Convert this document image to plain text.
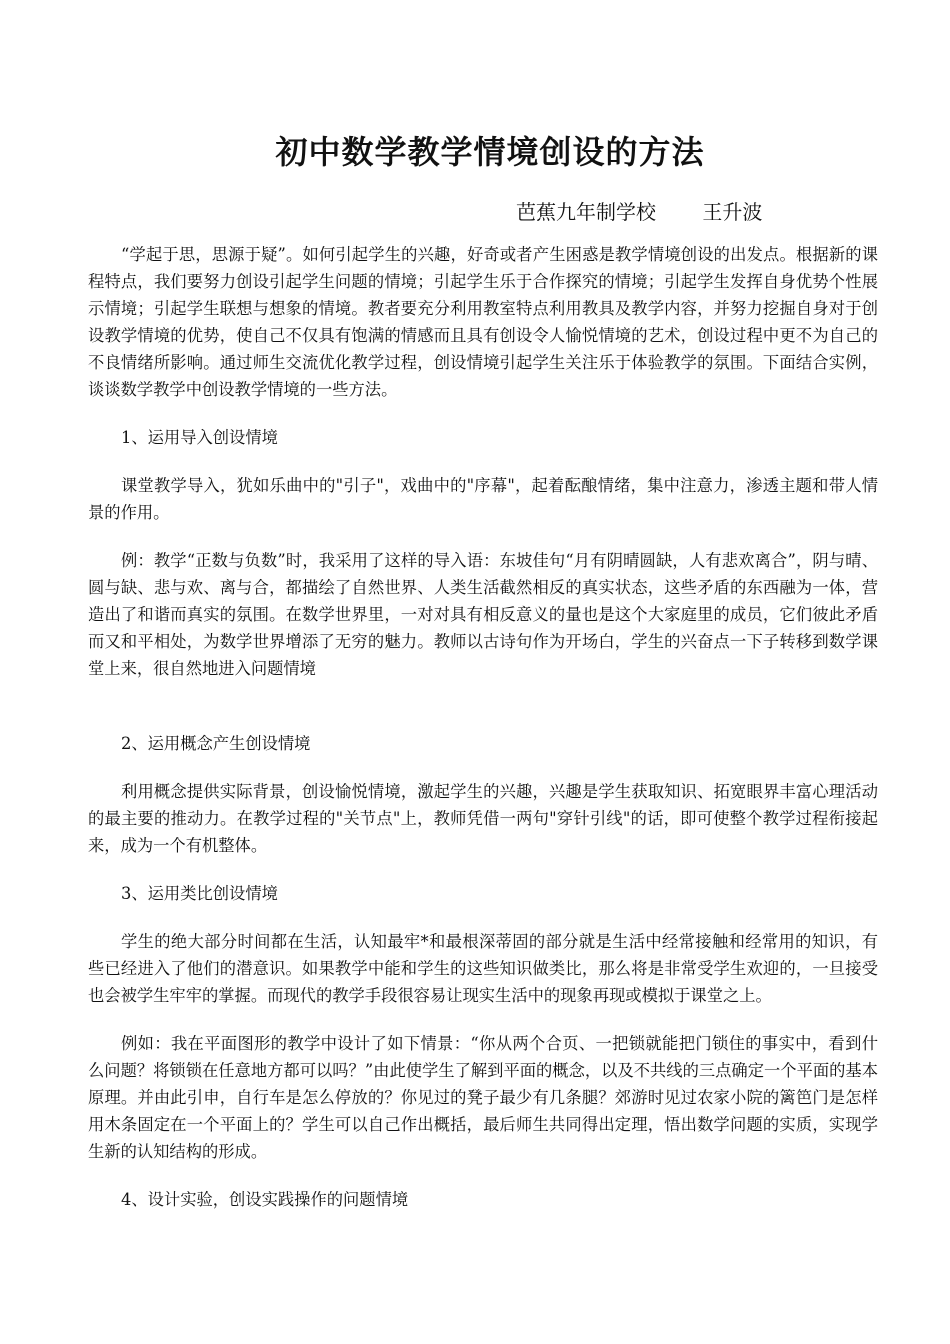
初中数学教学情境创设的方法
芭蕉九年制学校 王升波

“学起于思，思源于疑”。如何引起学生的兴趣，好奇或者产生困惑是教学情境创设的出发点。根据新的课程特点，我们要努力创设引起学生问题的情境；引起学生乐于合作探究的情境；引起学生发挥自身优势个性展示情境；引起学生联想与想象的情境。教者要充分利用教室特点利用教具及教学内容，并努力挖掘自身对于创设教学情境的优势，使自己不仅具有饱满的情感而且具有创设令人愉悦情境的艺术，创设过程中更不为自己的不良情绪所影响。通过师生交流优化教学过程，创设情境引起学生关注乐于体验教学的氛围。下面结合实例，谈谈数学教学中创设教学情境的一些方法。

1、运用导入创设情境

课堂教学导入，犹如乐曲中的"引子"，戏曲中的"序幕"，起着酝酿情绪，集中注意力，渗透主题和带人情景的作用。

例：教学“正数与负数”时，我采用了这样的导入语：东坡佳句“月有阴晴圆缺，人有悲欢离合”，阴与晴、圆与缺、悲与欢、离与合，都描绘了自然世界、人类生活截然相反的真实状态，这些矛盾的东西融为一体，营造出了和谐而真实的氛围。在数学世界里，一对对具有相反意义的量也是这个大家庭里的成员，它们彼此矛盾而又和平相处，为数学世界增添了无穷的魅力。教师以古诗句作为开场白，学生的兴奋点一下子转移到数学课堂上来，很自然地进入问题情境

2、运用概念产生创设情境

利用概念提供实际背景，创设愉悦情境，激起学生的兴趣，兴趣是学生获取知识、拓宽眼界丰富心理活动的最主要的推动力。在教学过程的"关节点"上，教师凭借一两句"穿针引线"的话，即可使整个教学过程衔接起来，成为一个有机整体。

3、运用类比创设情境

学生的绝大部分时间都在生活，认知最牢*和最根深蒂固的部分就是生活中经常接触和经常用的知识，有些已经进入了他们的潜意识。如果教学中能和学生的这些知识做类比，那么将是非常受学生欢迎的，一旦接受也会被学生牢牢的掌握。而现代的教学手段很容易让现实生活中的现象再现或模拟于课堂之上。

例如：我在平面图形的教学中设计了如下情景：“你从两个合页、一把锁就能把门锁住的事实中，看到什么问题？将锁锁在任意地方都可以吗？”由此使学生了解到平面的概念，以及不共线的三点确定一个平面的基本原理。并由此引申，自行车是怎么停放的？你见过的凳子最少有几条腿？郊游时见过农家小院的篱笆门是怎样用木条固定在一个平面上的？学生可以自己作出概括，最后师生共同得出定理，悟出数学问题的实质，实现学生新的认知结构的形成。

4、设计实验，创设实践操作的问题情境
